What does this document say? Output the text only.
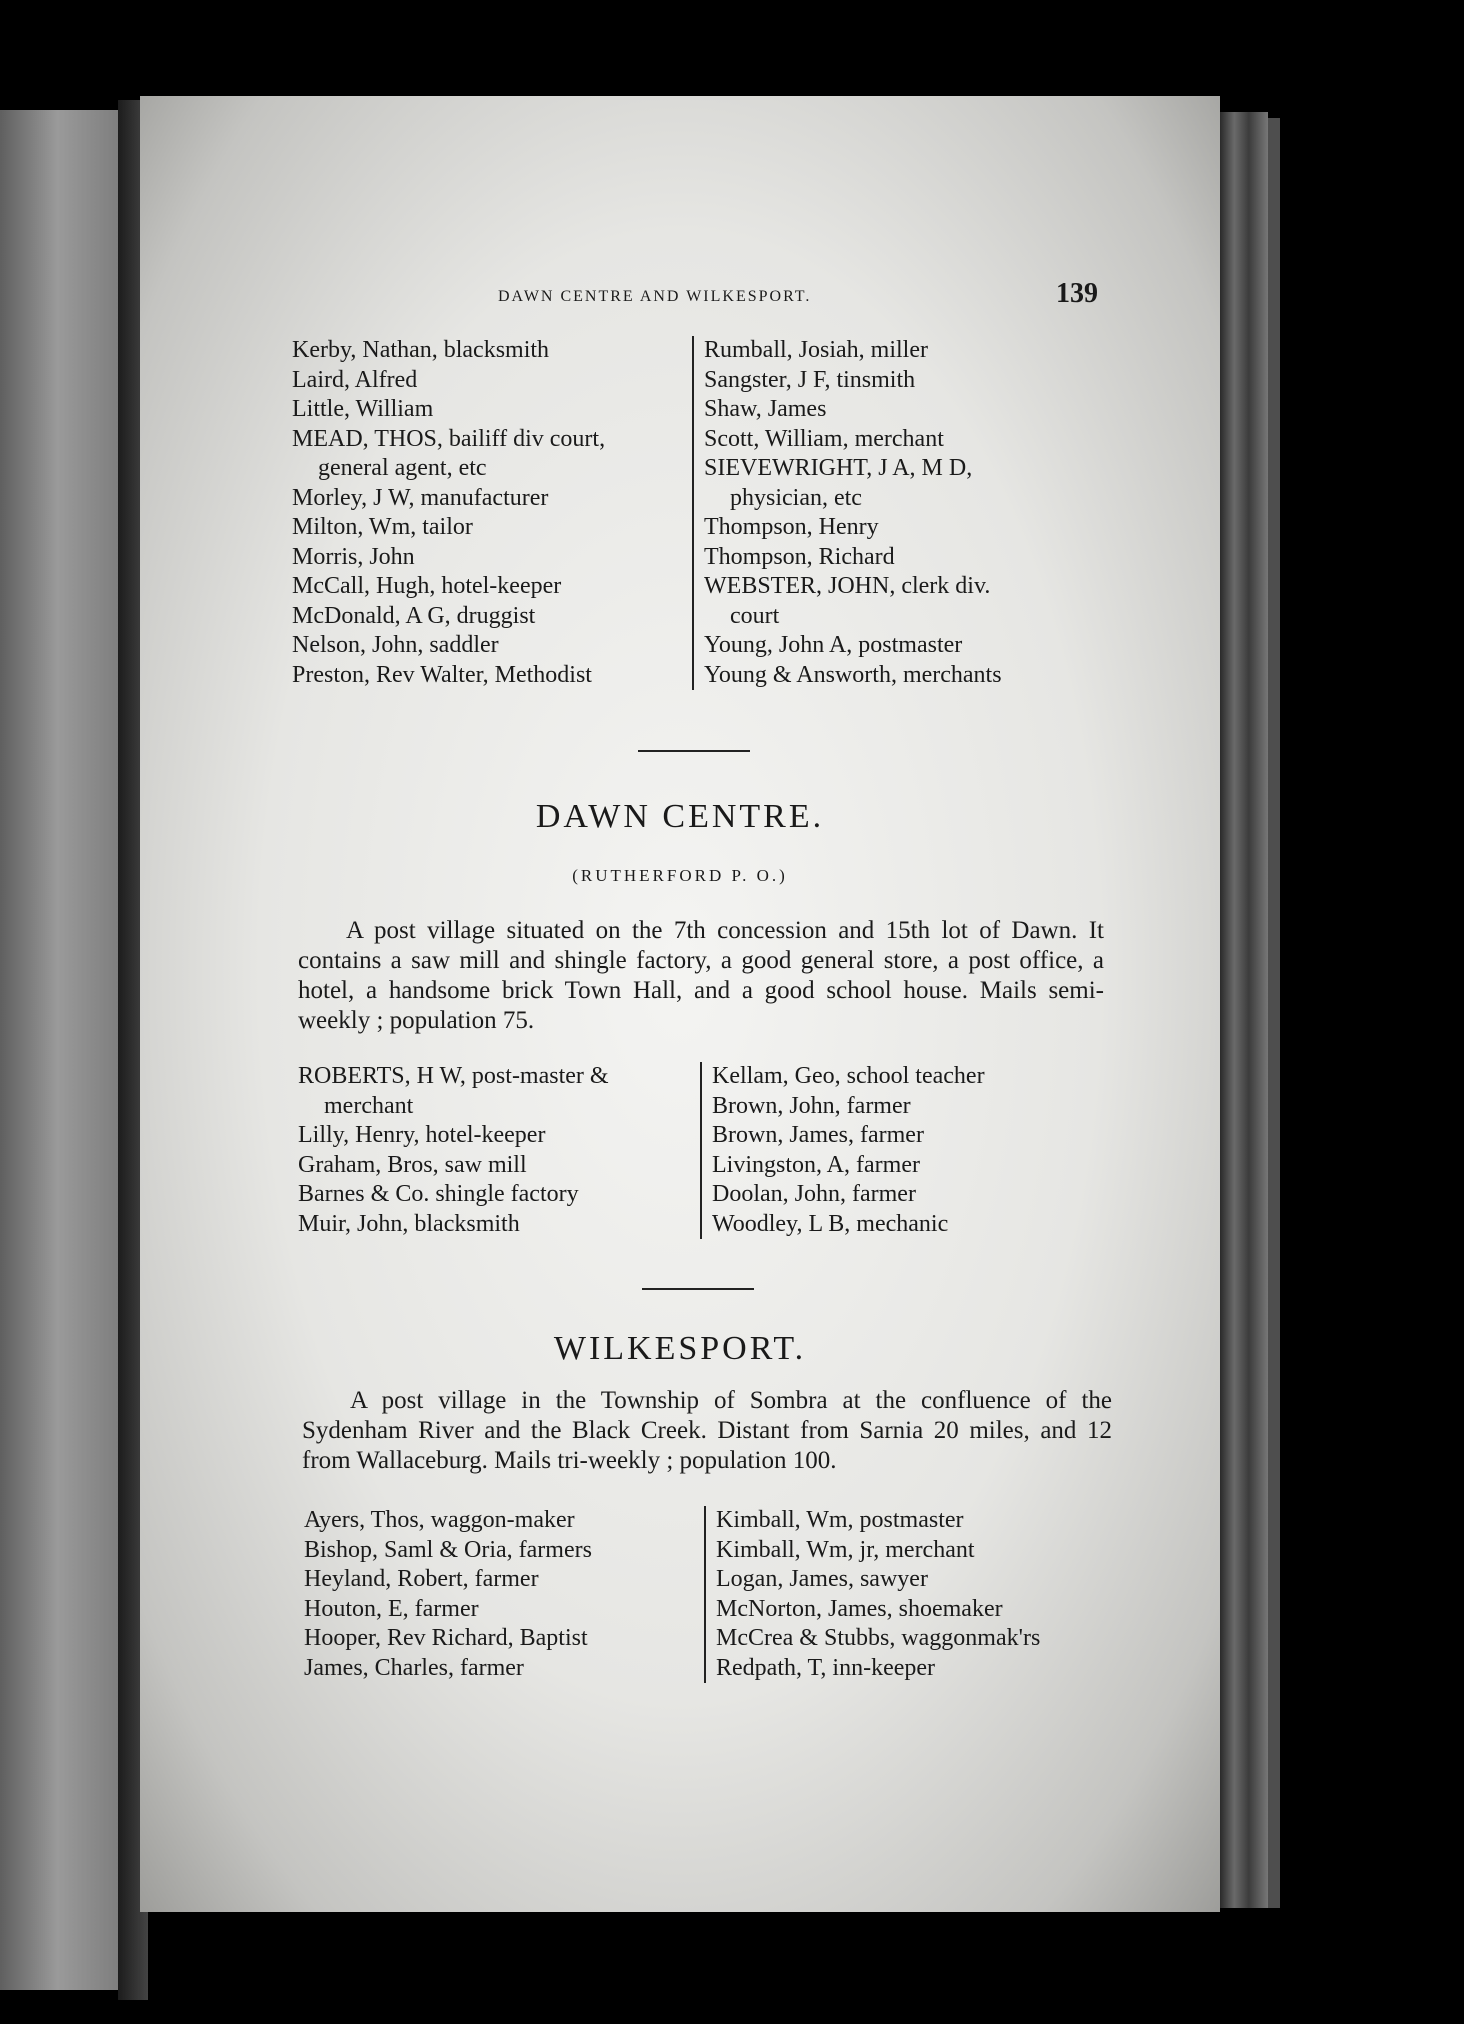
DAWN CENTRE AND WILKESPORT.	139
Kerby, Nathan, blacksmith
Laird, Alfred
Little, William
MEAD, THOS, bailiff div court,
general agent, etc
Morley, J W, manufacturer
Milton, Wm, tailor
Morris, John
McCall, Hugh, hotel-keeper
McDonald, A G, druggist
Nelson, John, saddler
Preston, Rev Walter, Methodist
Rumball, Josiah, miller
Sangster, J F, tinsmith
Shaw, James
Scott, William, merchant
SIEVEWRIGHT, J A, M D,
physician, etc
Thompson, Henry
Thompson, Richard
WEBSTER, JOHN, clerk div.
court
Young, John A, postmaster
Young & Answorth, merchants
DAWN CENTRE.
(RUTHERFORD P. O.)
A post village situated on the 7th concession and 15th lot of Dawn. It contains a saw mill and shingle factory, a good general store, a post office, a hotel, a handsome brick Town Hall, and a good school house. Mails semi-weekly ; population 75.
ROBERTS, H W, post-master &
merchant
Lilly, Henry, hotel-keeper
Graham, Bros, saw mill
Barnes & Co. shingle factory
Muir, John, blacksmith
Kellam, Geo, school teacher
Brown, John, farmer
Brown, James, farmer
Livingston, A, farmer
Doolan, John, farmer
Woodley, L B, mechanic
WILKESPORT.
A post village in the Township of Sombra at the confluence of the Sydenham River and the Black Creek. Distant from Sarnia 20 miles, and 12 from Wallaceburg. Mails tri-weekly ; population 100.
Ayers, Thos, waggon-maker
Bishop, Saml & Oria, farmers
Heyland, Robert, farmer
Houton, E, farmer
Hooper, Rev Richard, Baptist
James, Charles, farmer
Kimball, Wm, postmaster
Kimball, Wm, jr, merchant
Logan, James, sawyer
McNorton, James, shoemaker
McCrea & Stubbs, waggonmak'rs
Redpath, T, inn-keeper
